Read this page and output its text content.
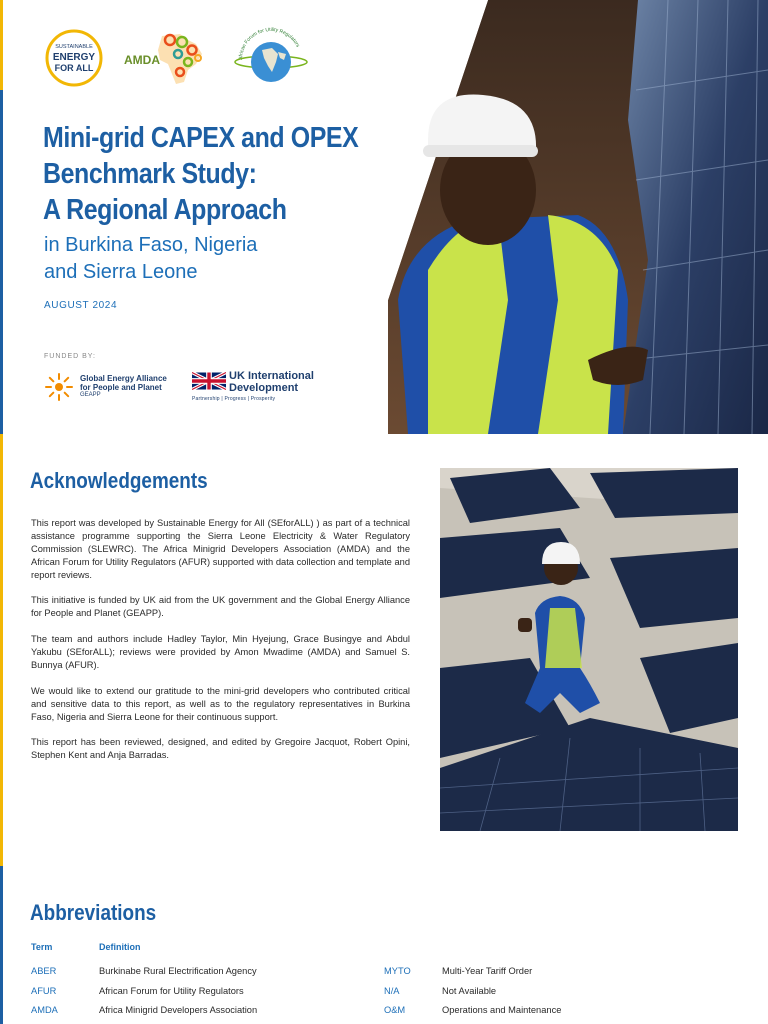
SUSTAINABLE
ENERGY
FOR ALL
AMDA	African Forum for Utility Regulators
Mini-grid CAPEX and OPEX
Benchmark Study:
A Regional Approach
in Burkina Faso, Nigeria
and Sierra Leone
AUGUST 2024
FUNDED BY:
Global Energy Alliance
for People and Planet
GEAPP
UK International
Development
Partnership | Progress | Prosperity
Acknowledgements

This report was developed by Sustainable Energy for All (SEforALL) ) as part of a technical assistance programme supporting the Sierra Leone Electricity & Water Regulatory Commission (SLEWRC). The Africa Minigrid Developers Association (AMDA) and the African Forum for Utility Regulators (AFUR) supported with data collection and template and report reviews.

This initiative is funded by UK aid from the UK government and the Global Energy Alliance for People and Planet (GEAPP).

The team and authors include Hadley Taylor, Min Hyejung, Grace Busingye and Abdul Yakubu (SEforALL); reviews were provided by Amon Mwadime (AMDA) and Samuel S. Bunnya (AFUR).

We would like to extend our gratitude to the mini-grid developers who contributed critical and sensitive data to this report, as well as to the regulatory representatives in Burkina Faso, Nigeria and Sierra Leone for their continuous support.

This report has been reviewed, designed, and edited by Gregoire Jacquot, Robert Opini, Stephen Kent and Anja Barradas.

Abbreviations
Term	Definition
ABER	Burkinabe Rural Electrification Agency
AFUR	African Forum for Utility Regulators
AMDA	Africa Minigrid Developers Association
MYTO	Multi-Year Tariff Order
N/A	Not Available
O&M	Operations and Maintenance
